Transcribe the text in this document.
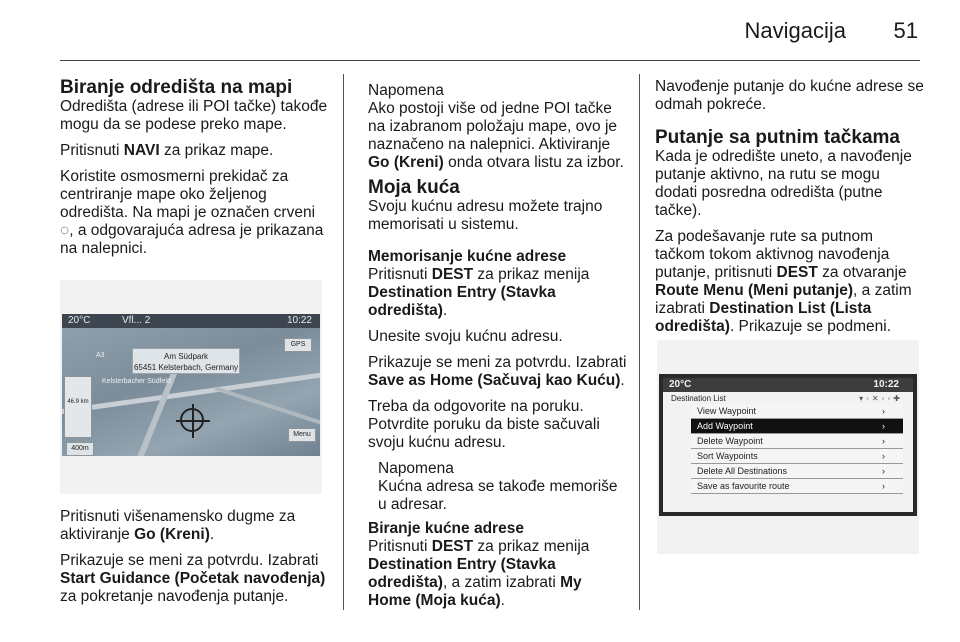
Navigacija 51
Biranje odredišta na mapi

Odredišta (adrese ili POI tačke) takođe mogu da se podese preko mape.

Pritisnuti NAVI za prikaz mape.

Koristite osmosmerni prekidač za centriranje mape oko željenog odredišta. Na mapi je označen crveni ◌, a odgovarajuća adresa je prikazana na nalepnici.

Pritisnuti višenamensko dugme za aktiviranje Go (Kreni).

Prikazuje se meni za potvrdu. Izabrati Start Guidance (Početak navođenja) za pokretanje navođenja putanje.

Am Südpark
65451 Kelsterbach, Germany
46.9 km
A3
Kelsterbacher Südfeld
GPS
400m
Menu
20°C	Vfl... 2	10:22
Napomena

Ako postoji više od jedne POI tačke na izabranom položaju mape, ovo je naznačeno na nalepnici. Aktiviranje Go (Kreni) onda otvara listu za izbor.

Moja kuća

Svoju kućnu adresu možete trajno memorisati u sistemu.

Memorisanje kućne adrese

Pritisnuti DEST za prikaz menija Destination Entry (Stavka odredišta).

Unesite svoju kućnu adresu.

Prikazuje se meni za potvrdu. Izabrati Save as Home (Sačuvaj kao Kuću).

Treba da odgovorite na poruku. Potvrdite poruku da biste sačuvali svoju kućnu adresu.

Napomena

Kućna adresa se takođe memoriše u adresar.

Biranje kućne adrese

Pritisnuti DEST za prikaz menija Destination Entry (Stavka odredišta), a zatim izabrati My Home (Moja kuća).

Navođenje putanje do kućne adrese se odmah pokreće.

Putanje sa putnim tačkama

Kada je odredište uneto, a navođenje putanje aktivno, na rutu se mogu dodati posredna odredišta (putne tačke).

Za podešavanje rute sa putnom tačkom tokom aktivnog navođenja putanje, pritisnuti DEST za otvaranje Route Menu (Meni putanje), a zatim izabrati Destination List (Lista odredišta). Prikazuje se podmeni.

20°C	10:22
Destination List	▾◦✕◦◦✚
View Waypoint	›
Add Waypoint	›
Delete Waypoint	›
Sort Waypoints	›
Delete All Destinations	›
Save as favourite route	›
